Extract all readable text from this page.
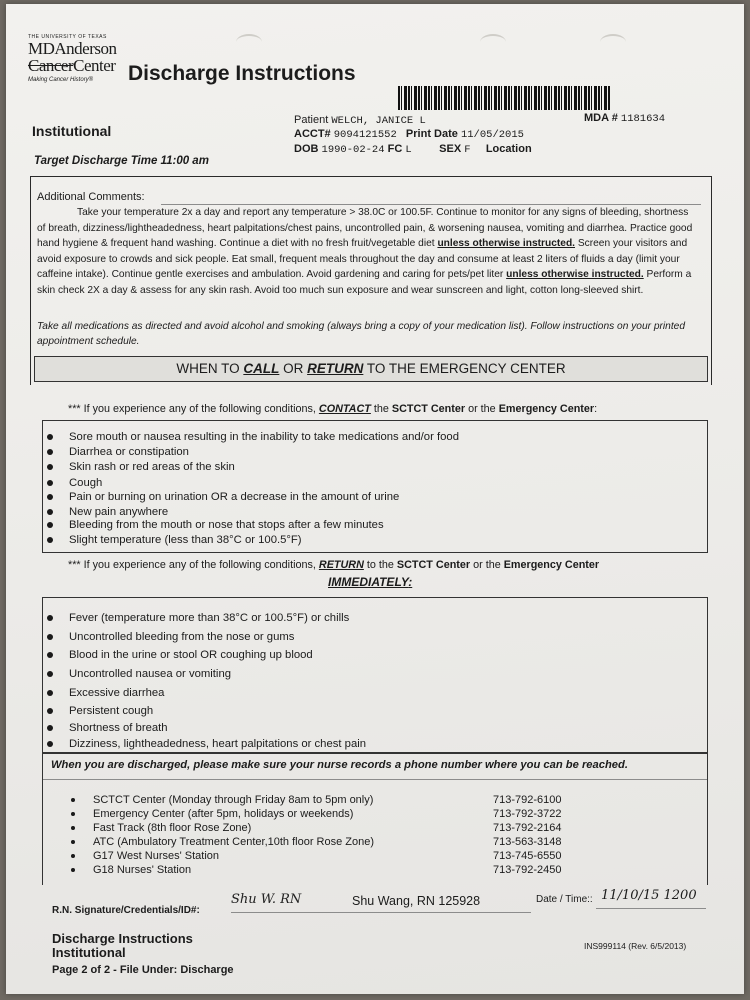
THE UNIVERSITY OF TEXAS
MDAnderson
CancerCenter
Making Cancer History®	Discharge Instructions
Institutional
Target Discharge Time 11:00 am
Patient WELCH, JANICE L	MDA # 1181634
ACCT# 9094121552 Print Date 11/05/2015
DOB 1990-02-24 FC L	SEX F Location
Additional Comments:

Take your temperature 2x a day and report any temperature > 38.0C or 100.5F. Continue to monitor for any signs of bleeding, shortness of breath, dizziness/lightheadedness, heart palpitations/chest pains, uncontrolled pain, & worsening nausea, vomiting and diarrhea. Practice good hand hygiene & frequent hand washing. Continue a diet with no fresh fruit/vegetable diet unless otherwise instructed. Screen your visitors and avoid exposure to crowds and sick people. Eat small, frequent meals throughout the day and consume at least 2 liters of fluids a day (limit your caffeine intake). Continue gentle exercises and ambulation. Avoid gardening and caring for pets/pet liter unless otherwise instructed. Perform a skin check 2X a day & assess for any skin rash. Avoid too much sun exposure and wear sunscreen and light, cotton long-sleeved shirt.

Take all medications as directed and avoid alcohol and smoking (always bring a copy of your medication list). Follow instructions on your printed appointment schedule.
WHEN TO CALL OR RETURN TO THE EMERGENCY CENTER
*** If you experience any of the following conditions, CONTACT the SCTCT Center or the Emergency Center:
Sore mouth or nausea resulting in the inability to take medications and/or food
Diarrhea or constipation
Skin rash or red areas of the skin
Cough
Pain or burning on urination OR a decrease in the amount of urine
New pain anywhere
Bleeding from the mouth or nose that stops after a few minutes
Slight temperature (less than 38°C or 100.5°F)
*** If you experience any of the following conditions, RETURN to the SCTCT Center or the Emergency Center
IMMEDIATELY:
Fever (temperature more than 38°C or 100.5°F) or chills
Uncontrolled bleeding from the nose or gums
Blood in the urine or stool OR coughing up blood
Uncontrolled nausea or vomiting
Excessive diarrhea
Persistent cough
Shortness of breath
Dizziness, lightheadedness, heart palpitations or chest pain
When you are discharged, please make sure your nurse records a phone number where you can be reached.
SCTCT Center (Monday through Friday 8am to 5pm only)	713-792-6100
Emergency Center (after 5pm, holidays or weekends)	713-792-3722
Fast Track (8th floor Rose Zone)	713-792-2164
ATC (Ambulatory Treatment Center,10th floor Rose Zone)	713-563-3148
G17 West Nurses' Station	713-745-6550
G18 Nurses' Station	713-792-2450
R.N. Signature/Credentials/ID#:
Shu W. RN	Shu Wang, RN 125928	Date / Time:: 11/10/15 1200
Discharge Instructions
Institutional
Page 2 of 2 - File Under: Discharge
INS999114 (Rev. 6/5/2013)
